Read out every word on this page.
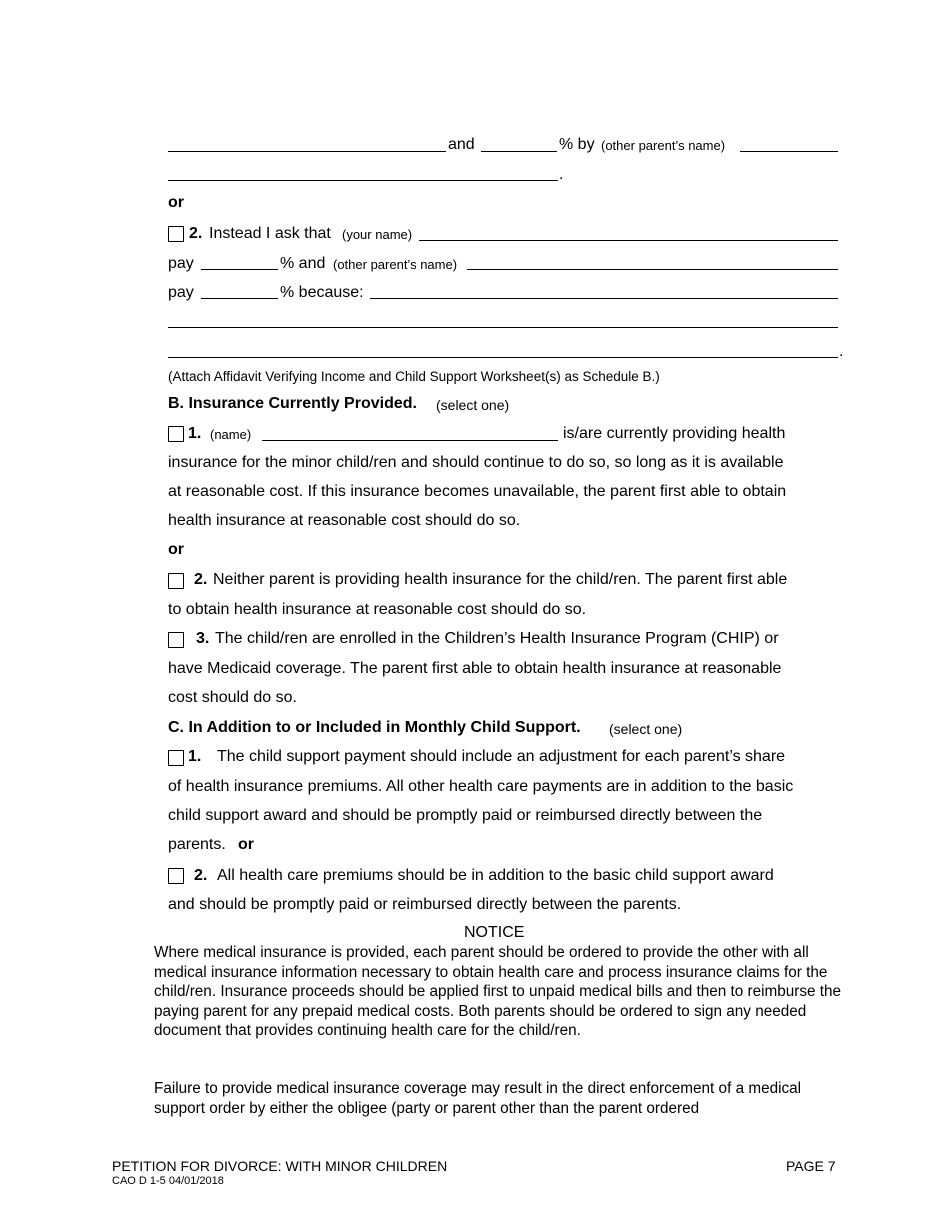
and	% by (other parent’s name)
.
or
2. Instead I ask that (your name)
pay	% and (other parent’s name)
pay	% because:
.
(Attach Affidavit Verifying Income and Child Support Worksheet(s) as Schedule B.)
B. Insurance Currently Provided. (select one)
1. (name)	is/are currently providing health
insurance for the minor child/ren and should continue to do so, so long as it is available
at reasonable cost. If this insurance becomes unavailable, the parent first able to obtain
health insurance at reasonable cost should do so.
or
2. Neither parent is providing health insurance for the child/ren. The parent first able
to obtain health insurance at reasonable cost should do so.
3. The child/ren are enrolled in the Children’s Health Insurance Program (CHIP) or
have Medicaid coverage. The parent first able to obtain health insurance at reasonable
cost should do so.
C. In Addition to or Included in Monthly Child Support. (select one)
1. The child support payment should include an adjustment for each parent’s share
of health insurance premiums. All other health care payments are in addition to the basic
child support award and should be promptly paid or reimbursed directly between the
parents. or
2. All health care premiums should be in addition to the basic child support award
and should be promptly paid or reimbursed directly between the parents.
NOTICE
Where medical insurance is provided, each parent should be ordered to provide the other with all medical insurance information necessary to obtain health care and process insurance claims for the child/ren. Insurance proceeds should be applied first to unpaid medical bills and then to reimburse the paying parent for any prepaid medical costs. Both parents should be ordered to sign any needed document that provides continuing health care for the child/ren.
Failure to provide medical insurance coverage may result in the direct enforcement of a medical support order by either the obligee (party or parent other than the parent ordered
PETITION FOR DIVORCE: WITH MINOR CHILDREN
CAO D 1-5 04/01/2018
PAGE 7
